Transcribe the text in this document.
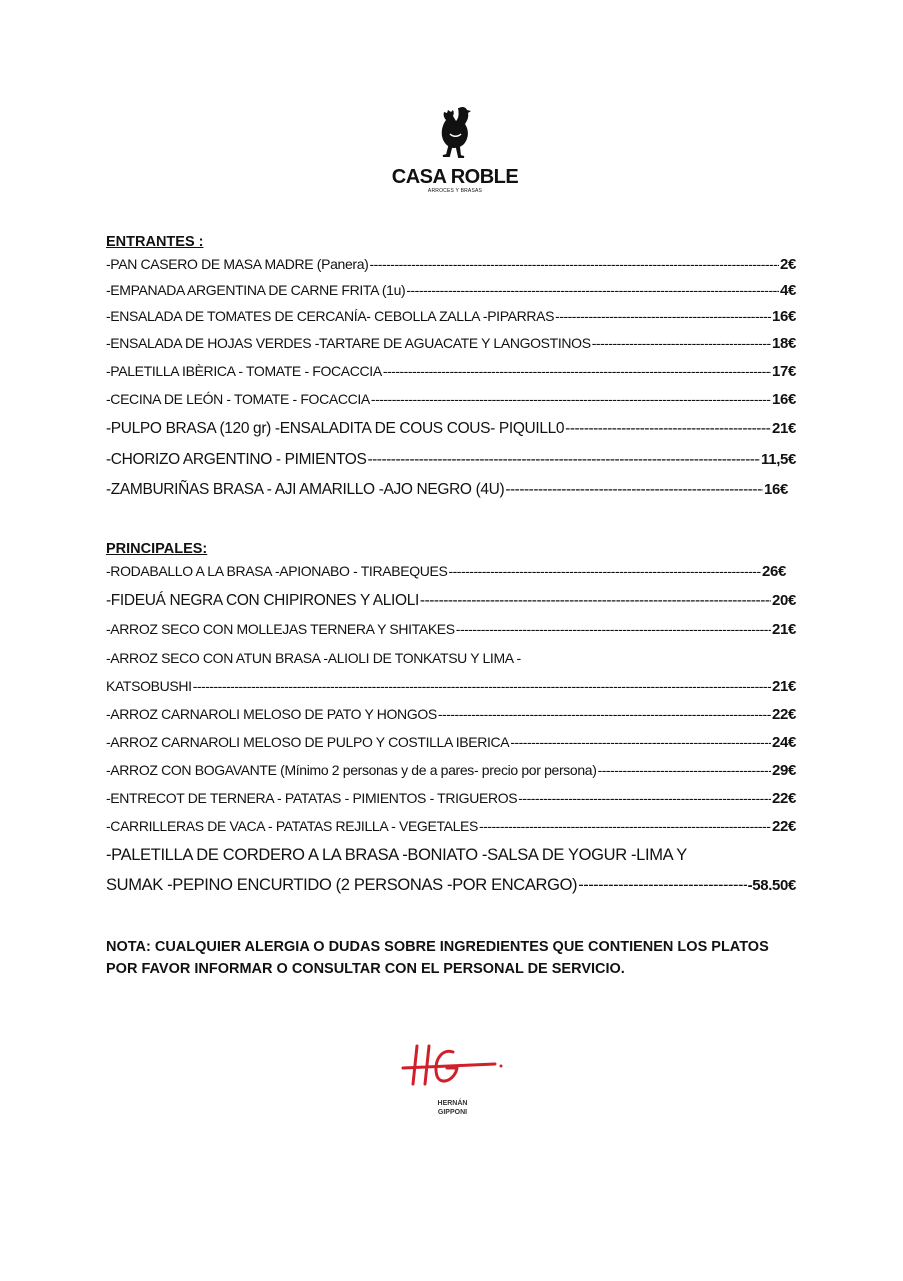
CASA ROBLE
ARROCES Y BRASAS
ENTRANTES :
-PAN CASERO DE MASA MADRE (Panera) -----	2€
-EMPANADA ARGENTINA DE CARNE FRITA (1u) -----	4€
-ENSALADA DE TOMATES DE CERCANÍA- CEBOLLA ZALLA -PIPARRAS -----	16€
-ENSALADA DE HOJAS VERDES -TARTARE DE AGUACATE Y LANGOSTINOS -----	18€
-PALETILLA IBÈRICA - TOMATE - FOCACCIA -----	17€
-CECINA DE LEÓN - TOMATE - FOCACCIA -----	16€
-PULPO BRASA (120 gr) -ENSALADITA DE COUS COUS- PIQUILL0 -----	21€
-CHORIZO ARGENTINO - PIMIENTOS -----	11,5€
-ZAMBURIÑAS BRASA - AJI AMARILLO -AJO NEGRO (4U) -----	16€
PRINCIPALES:
-RODABALLO A LA BRASA -APIONABO - TIRABEQUES -----	26€
-FIDEUÁ NEGRA CON CHIPIRONES Y ALIOLI -----	20€
-ARROZ SECO CON MOLLEJAS TERNERA Y SHITAKES -----	21€
-ARROZ SECO CON ATUN BRASA -ALIOLI DE TONKATSU Y LIMA -
KATSOBUSHI -----	21€
-ARROZ CARNAROLI MELOSO DE PATO Y HONGOS -----	22€
-ARROZ CARNAROLI MELOSO DE PULPO Y COSTILLA IBERICA -----	24€
-ARROZ CON BOGAVANTE (Mínimo 2 personas y de a pares- precio por persona) -----	29€
-ENTRECOT DE TERNERA - PATATAS - PIMIENTOS - TRIGUEROS -----	22€
-CARRILLERAS DE VACA - PATATAS REJILLA - VEGETALES -----	22€
-PALETILLA DE CORDERO A LA BRASA -BONIATO -SALSA DE YOGUR -LIMA Y
SUMAK -PEPINO ENCURTIDO (2 PERSONAS -POR ENCARGO) -----	-58.50€
NOTA: CUALQUIER ALERGIA O DUDAS SOBRE INGREDIENTES QUE CONTIENEN LOS PLATOS POR FAVOR INFORMAR O CONSULTAR CON EL PERSONAL DE SERVICIO.
HERNÁN
GIPPONI
